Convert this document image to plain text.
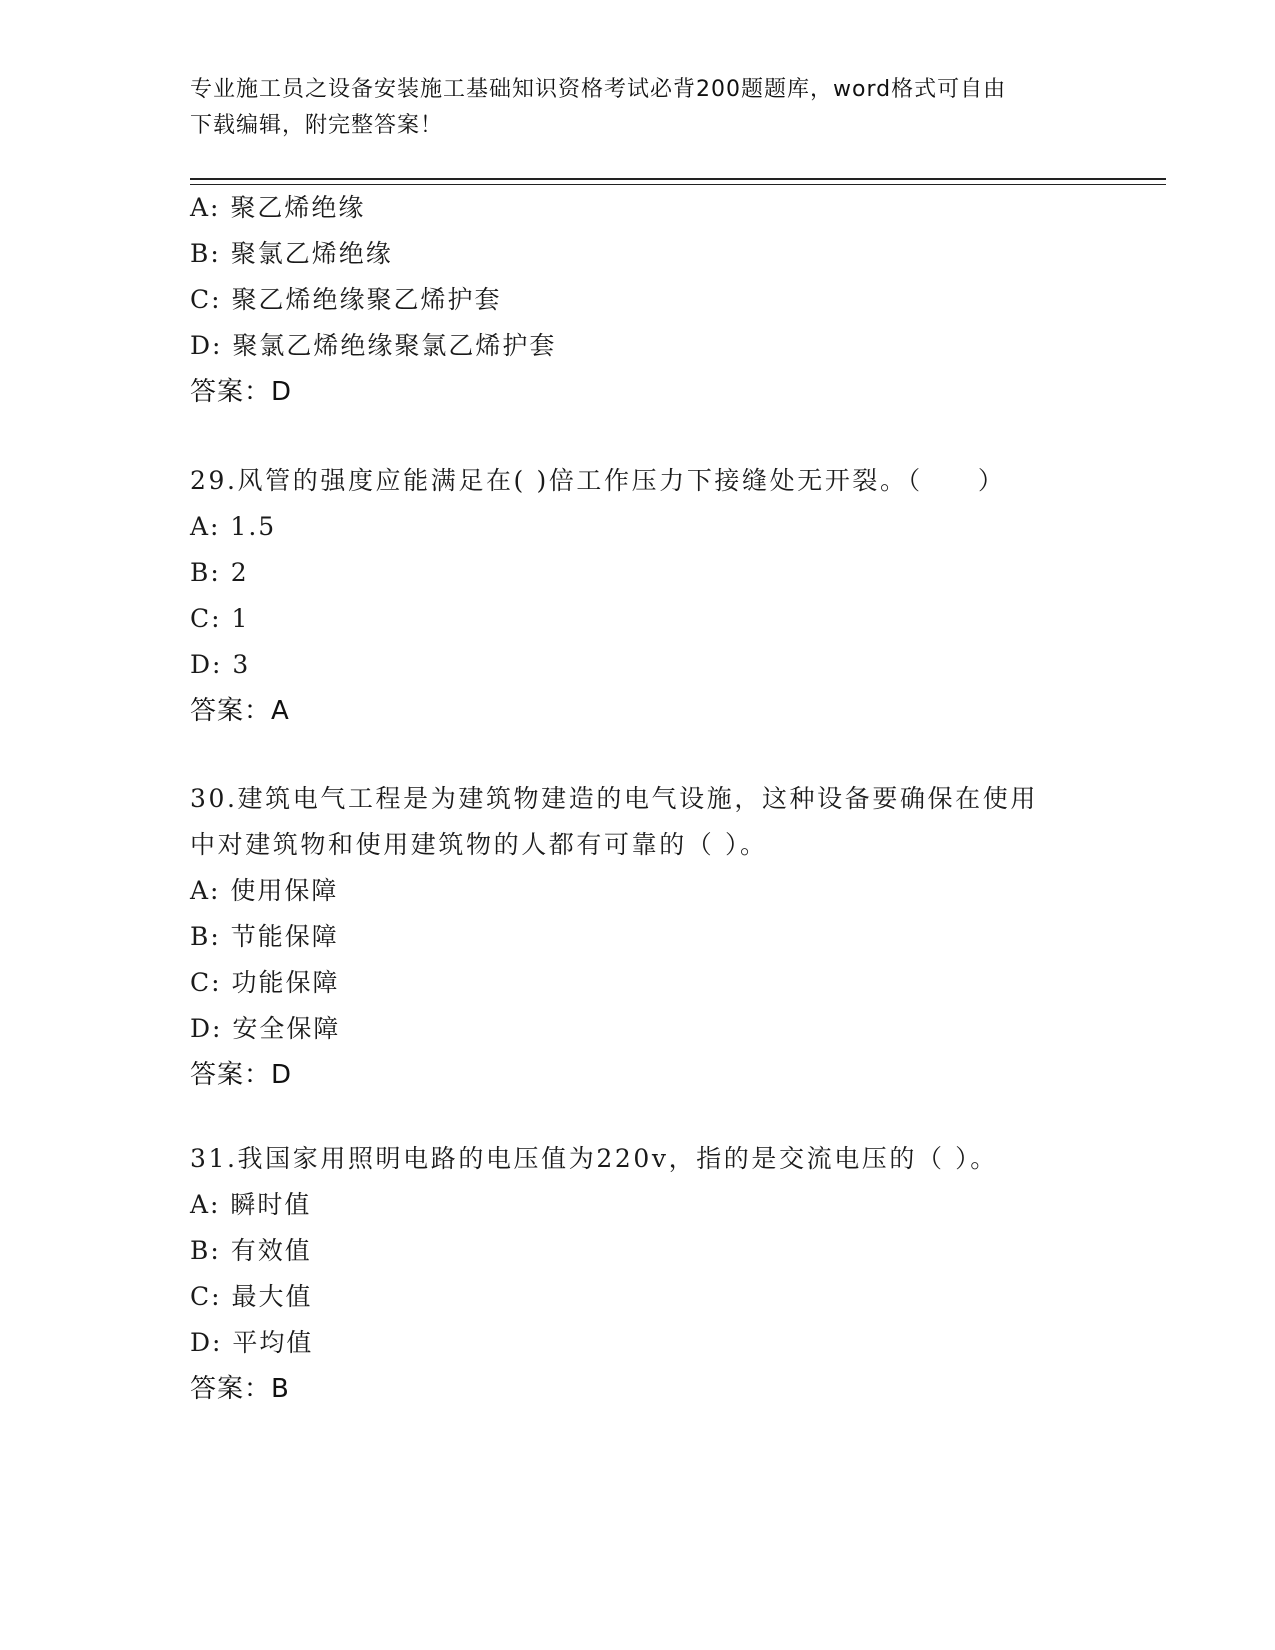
专业施工员之设备安装施工基础知识资格考试必背200题题库，word格式可自由
下载编辑，附完整答案！
A: 聚乙烯绝缘
B: 聚氯乙烯绝缘
C: 聚乙烯绝缘聚乙烯护套
D: 聚氯乙烯绝缘聚氯乙烯护套
答案：D
29.风管的强度应能满足在( )倍工作压力下接缝处无开裂。（　　）
A: 1.5
B: 2
C: 1
D: 3
答案：A
30.建筑电气工程是为建筑物建造的电气设施，这种设备要确保在使用
中对建筑物和使用建筑物的人都有可靠的（ ）。
A: 使用保障
B: 节能保障
C: 功能保障
D: 安全保障
答案：D
31.我国家用照明电路的电压值为220v，指的是交流电压的（ ）。
A: 瞬时值
B: 有效值
C: 最大值
D: 平均值
答案：B
